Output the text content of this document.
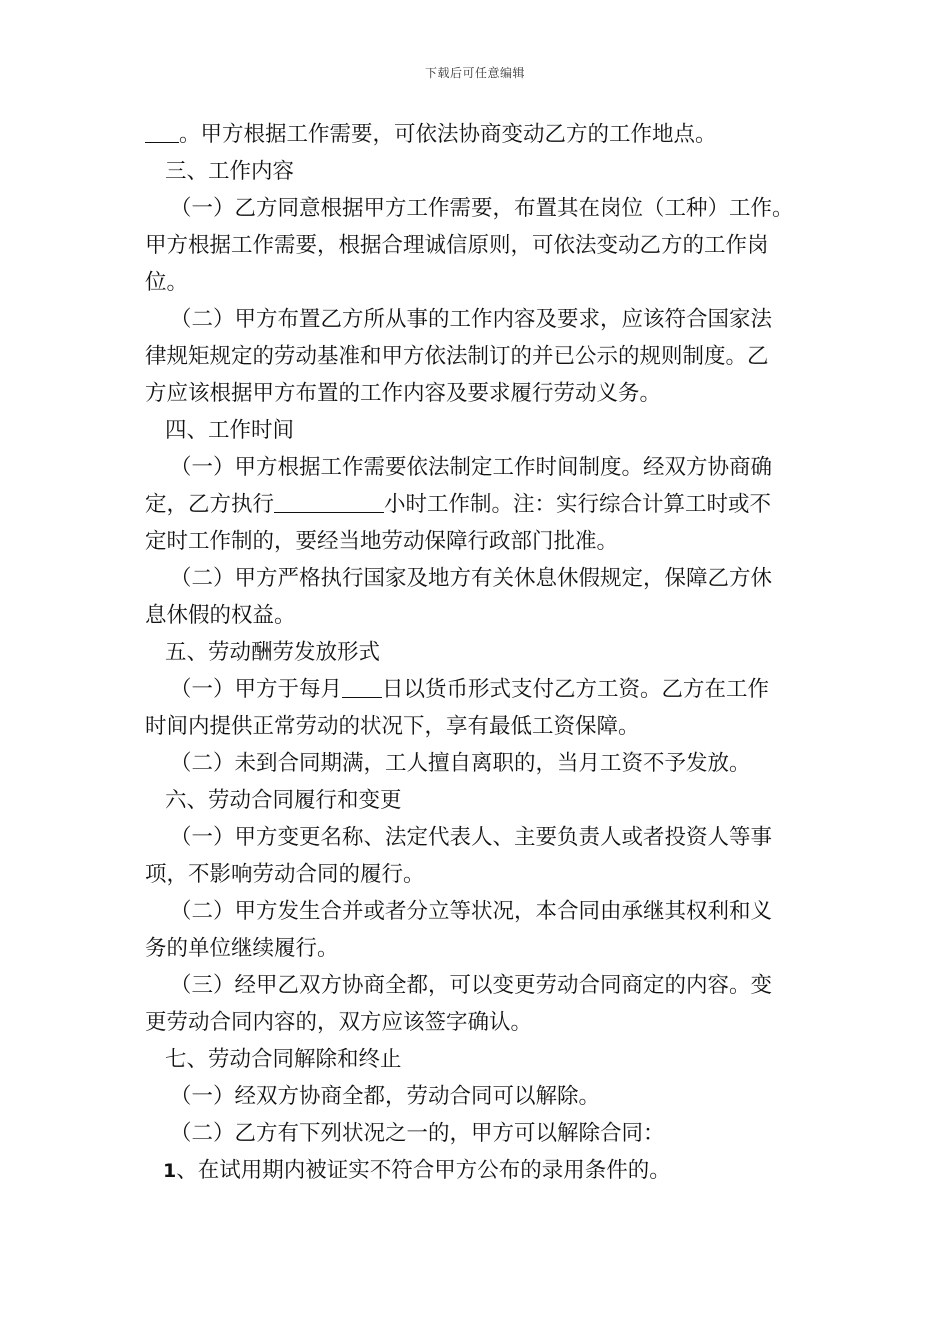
下载后可任意编辑
。甲方根据工作需要，可依法协商变动乙方的工作地点。
三、工作内容
（一）乙方同意根据甲方工作需要，布置其在岗位（工种）工作。
甲方根据工作需要，根据合理诚信原则，可依法变动乙方的工作岗
位。
（二）甲方布置乙方所从事的工作内容及要求，应该符合国家法
律规矩规定的劳动基准和甲方依法制订的并已公示的规则制度。乙
方应该根据甲方布置的工作内容及要求履行劳动义务。
四、工作时间
（一）甲方根据工作需要依法制定工作时间制度。经双方协商确
定，乙方执行	小时工作制。注：实行综合计算工时或不
定时工作制的，要经当地劳动保障行政部门批准。
（二）甲方严格执行国家及地方有关休息休假规定，保障乙方休
息休假的权益。
五、劳动酬劳发放形式
（一）甲方于每月 日以货币形式支付乙方工资。乙方在工作
时间内提供正常劳动的状况下，享有最低工资保障。
（二）未到合同期满，工人擅自离职的，当月工资不予发放。
六、劳动合同履行和变更
（一）甲方变更名称、法定代表人、主要负责人或者投资人等事
项，不影响劳动合同的履行。
（二）甲方发生合并或者分立等状况，本合同由承继其权利和义
务的单位继续履行。
（三）经甲乙双方协商全都，可以变更劳动合同商定的内容。变
更劳动合同内容的，双方应该签字确认。
七、劳动合同解除和终止
（一）经双方协商全都，劳动合同可以解除。
（二）乙方有下列状况之一的，甲方可以解除合同：
1、在试用期内被证实不符合甲方公布的录用条件的。
